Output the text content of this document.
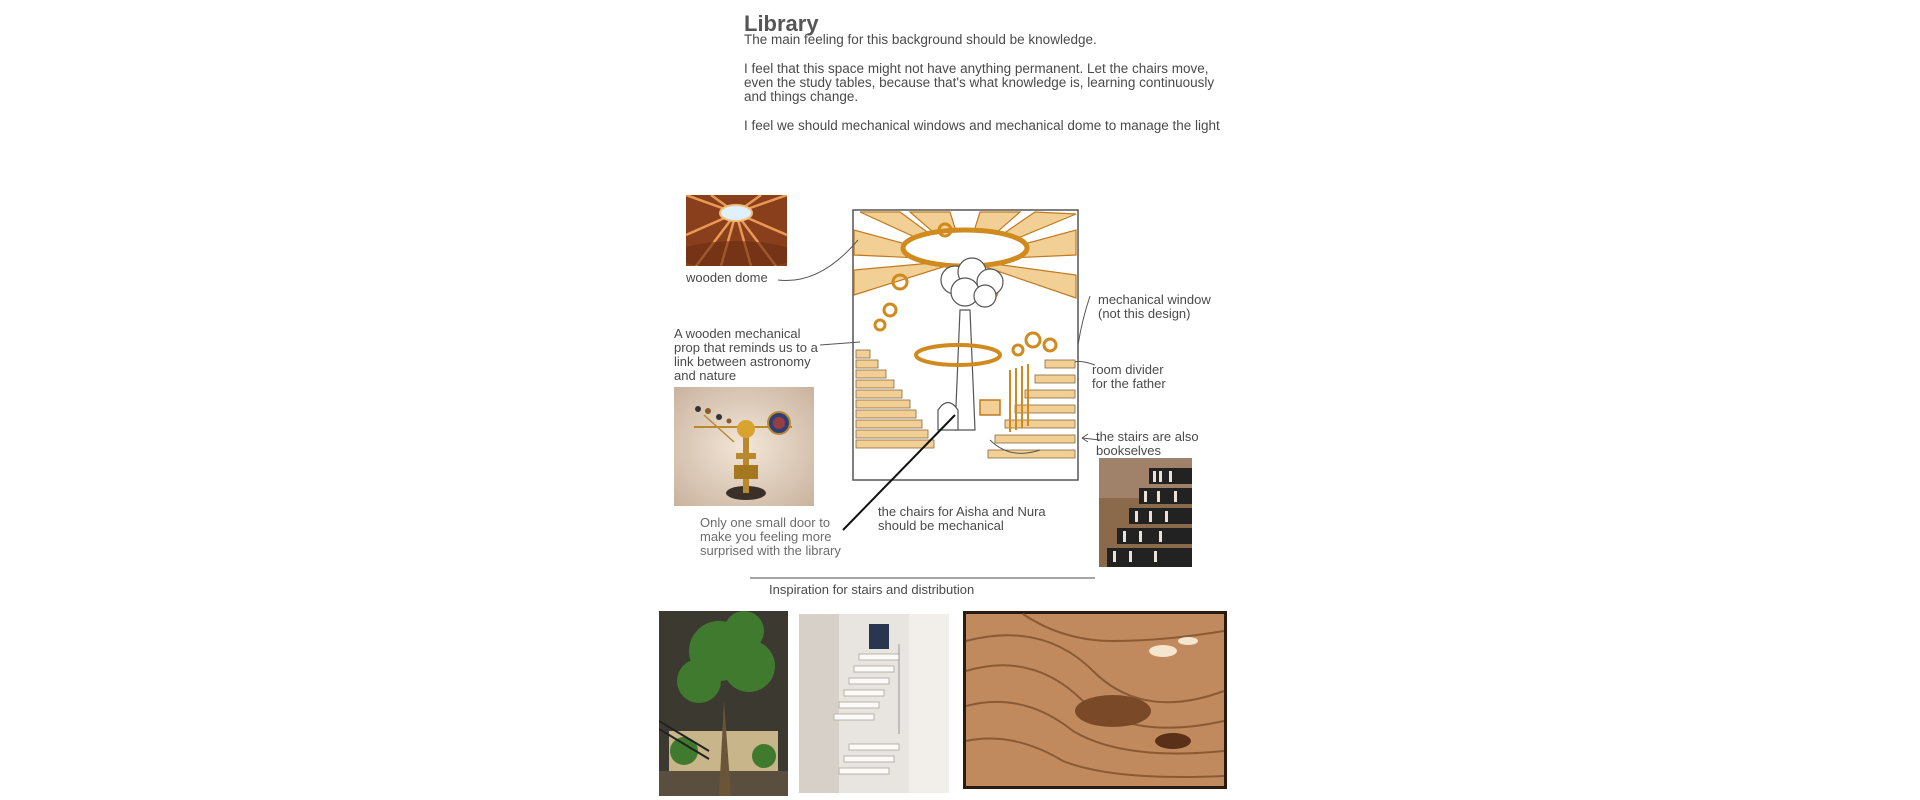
Library

The main feeling for this background should be knowledge.

I feel that this space might not have anything permanent. Let the chairs move, even the study tables, because that's what knowledge is, learning continuously and things change.

I feel we should mechanical windows and mechanical dome to manage the light

wooden dome
A wooden mechanical
prop that reminds us to a
link between astronomy
and nature
Only one small door to
make you feeling more
surprised with the library
mechanical window
(not this design)
room divider
for the father
the stairs are also
bookselves
the chairs for Aisha and Nura
should be mechanical
Inspiration for stairs and distribution
